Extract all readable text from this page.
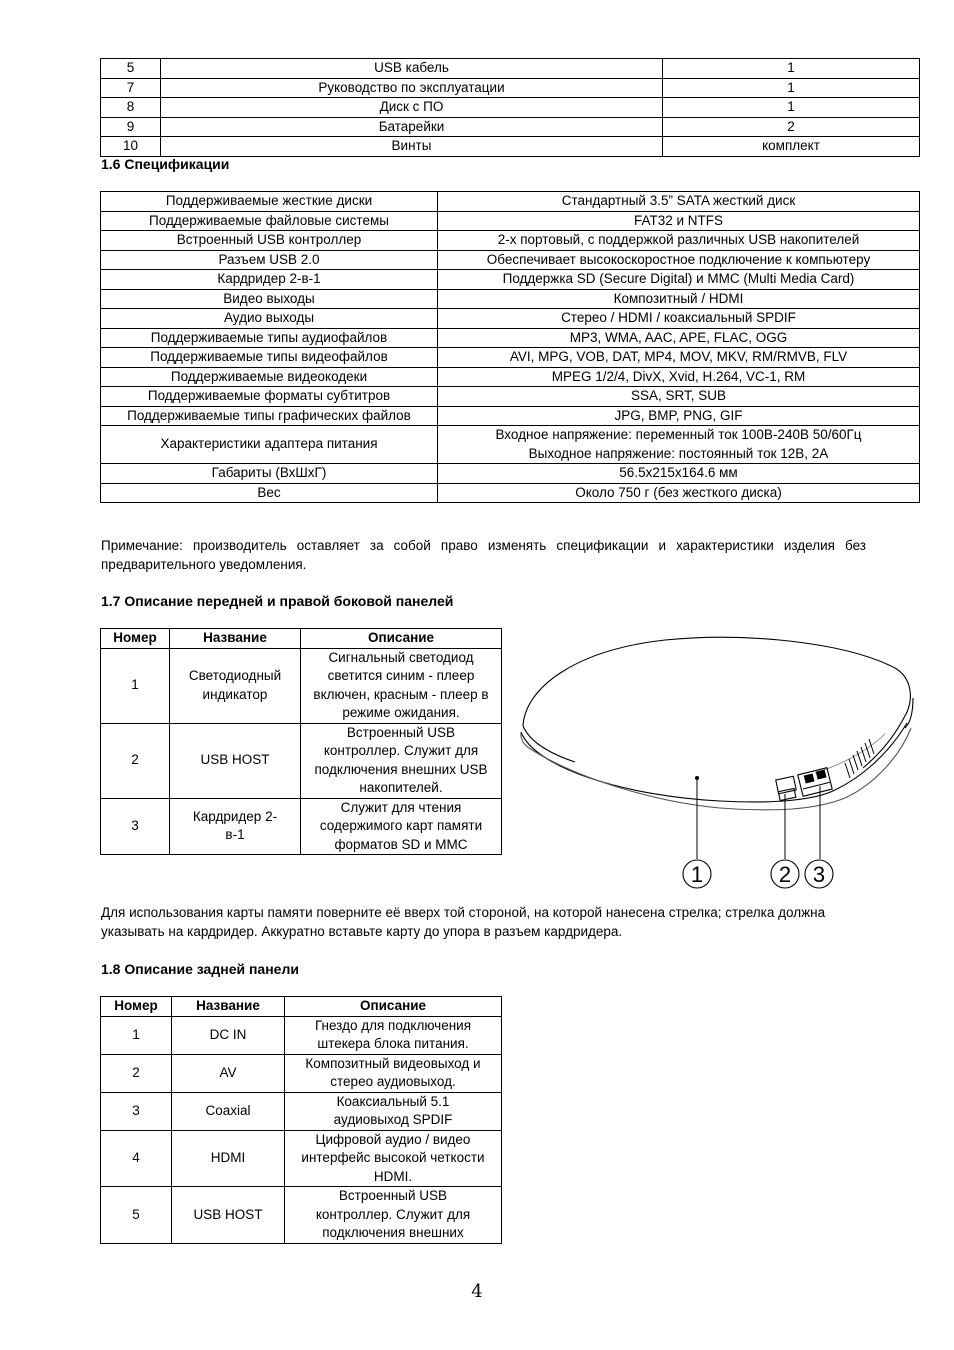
5	USB кабель	1
7	Руководство по эксплуатации	1
8	Диск с ПО	1
9	Батарейки	2
10	Винты	комплект
1.6 Спецификации
Поддерживаемые жесткие диски	Стандартный 3.5” SATA жесткий диск
Поддерживаемые файловые системы	FAT32 и NTFS
Встроенный USB контроллер	2-х портовый, с поддержкой различных USB накопителей
Разъем USB 2.0	Обеспечивает высокоскоростное подключение к компьютеру
Кардридер 2-в-1	Поддержка SD (Secure Digital) и MMC (Multi Media Card)
Видео выходы	Композитный / HDMI
Аудио выходы	Стерео / HDMI / коаксиальный SPDIF
Поддерживаемые типы аудиофайлов	MP3, WMA, AAC, APE, FLAC, OGG
Поддерживаемые типы видеофайлов	AVI, MPG, VOB, DAT, MP4, MOV, MKV, RM/RMVB, FLV
Поддерживаемые видеокодеки	MPEG 1/2/4, DivX, Xvid, H.264, VC-1, RM
Поддерживаемые форматы субтитров	SSA, SRT, SUB
Поддерживаемые типы графических файлов	JPG, BMP, PNG, GIF
Характеристики адаптера питания	Входное напряжение: переменный ток 100В-240В 50/60Гц
Выходное напряжение: постоянный ток 12В, 2А

Габариты (ВхШхГ)	56.5x215x164.6 мм
Вес	Около 750 г (без жесткого диска)
Примечание: производитель оставляет за собой право изменять спецификации и характеристики изделия без предварительного уведомления.
1.7 Описание передней и правой боковой панелей
Номер	Название	Описание
1	Светодиодный индикатор	Сигнальный светодиод светится синим - плеер включен, красным - плеер в режиме ожидания.
2	USB HOST	Встроенный USB контроллер. Служит для подключения внешних USB накопителей.
3	Кардридер 2-в-1	Служит для чтения содержимого карт памяти форматов SD и MMC
1	2 3
Для использования карты памяти поверните её вверх той стороной, на которой нанесена стрелка; стрелка должна указывать на кардридер. Аккуратно вставьте карту до упора в разъем кардридера.
1.8 Описание задней панели
Номер	Название	Описание
1	DC IN	Гнездо для подключения штекера блока питания.
2	AV	Композитный видеовыход и стерео аудиовыход.
3	Coaxial	Коаксиальный 5.1 аудиовыход SPDIF
4	HDMI	Цифровой аудио / видео интерфейс высокой четкости HDMI.
5	USB HOST	Встроенный USB контроллер. Служит для подключения внешних
4
